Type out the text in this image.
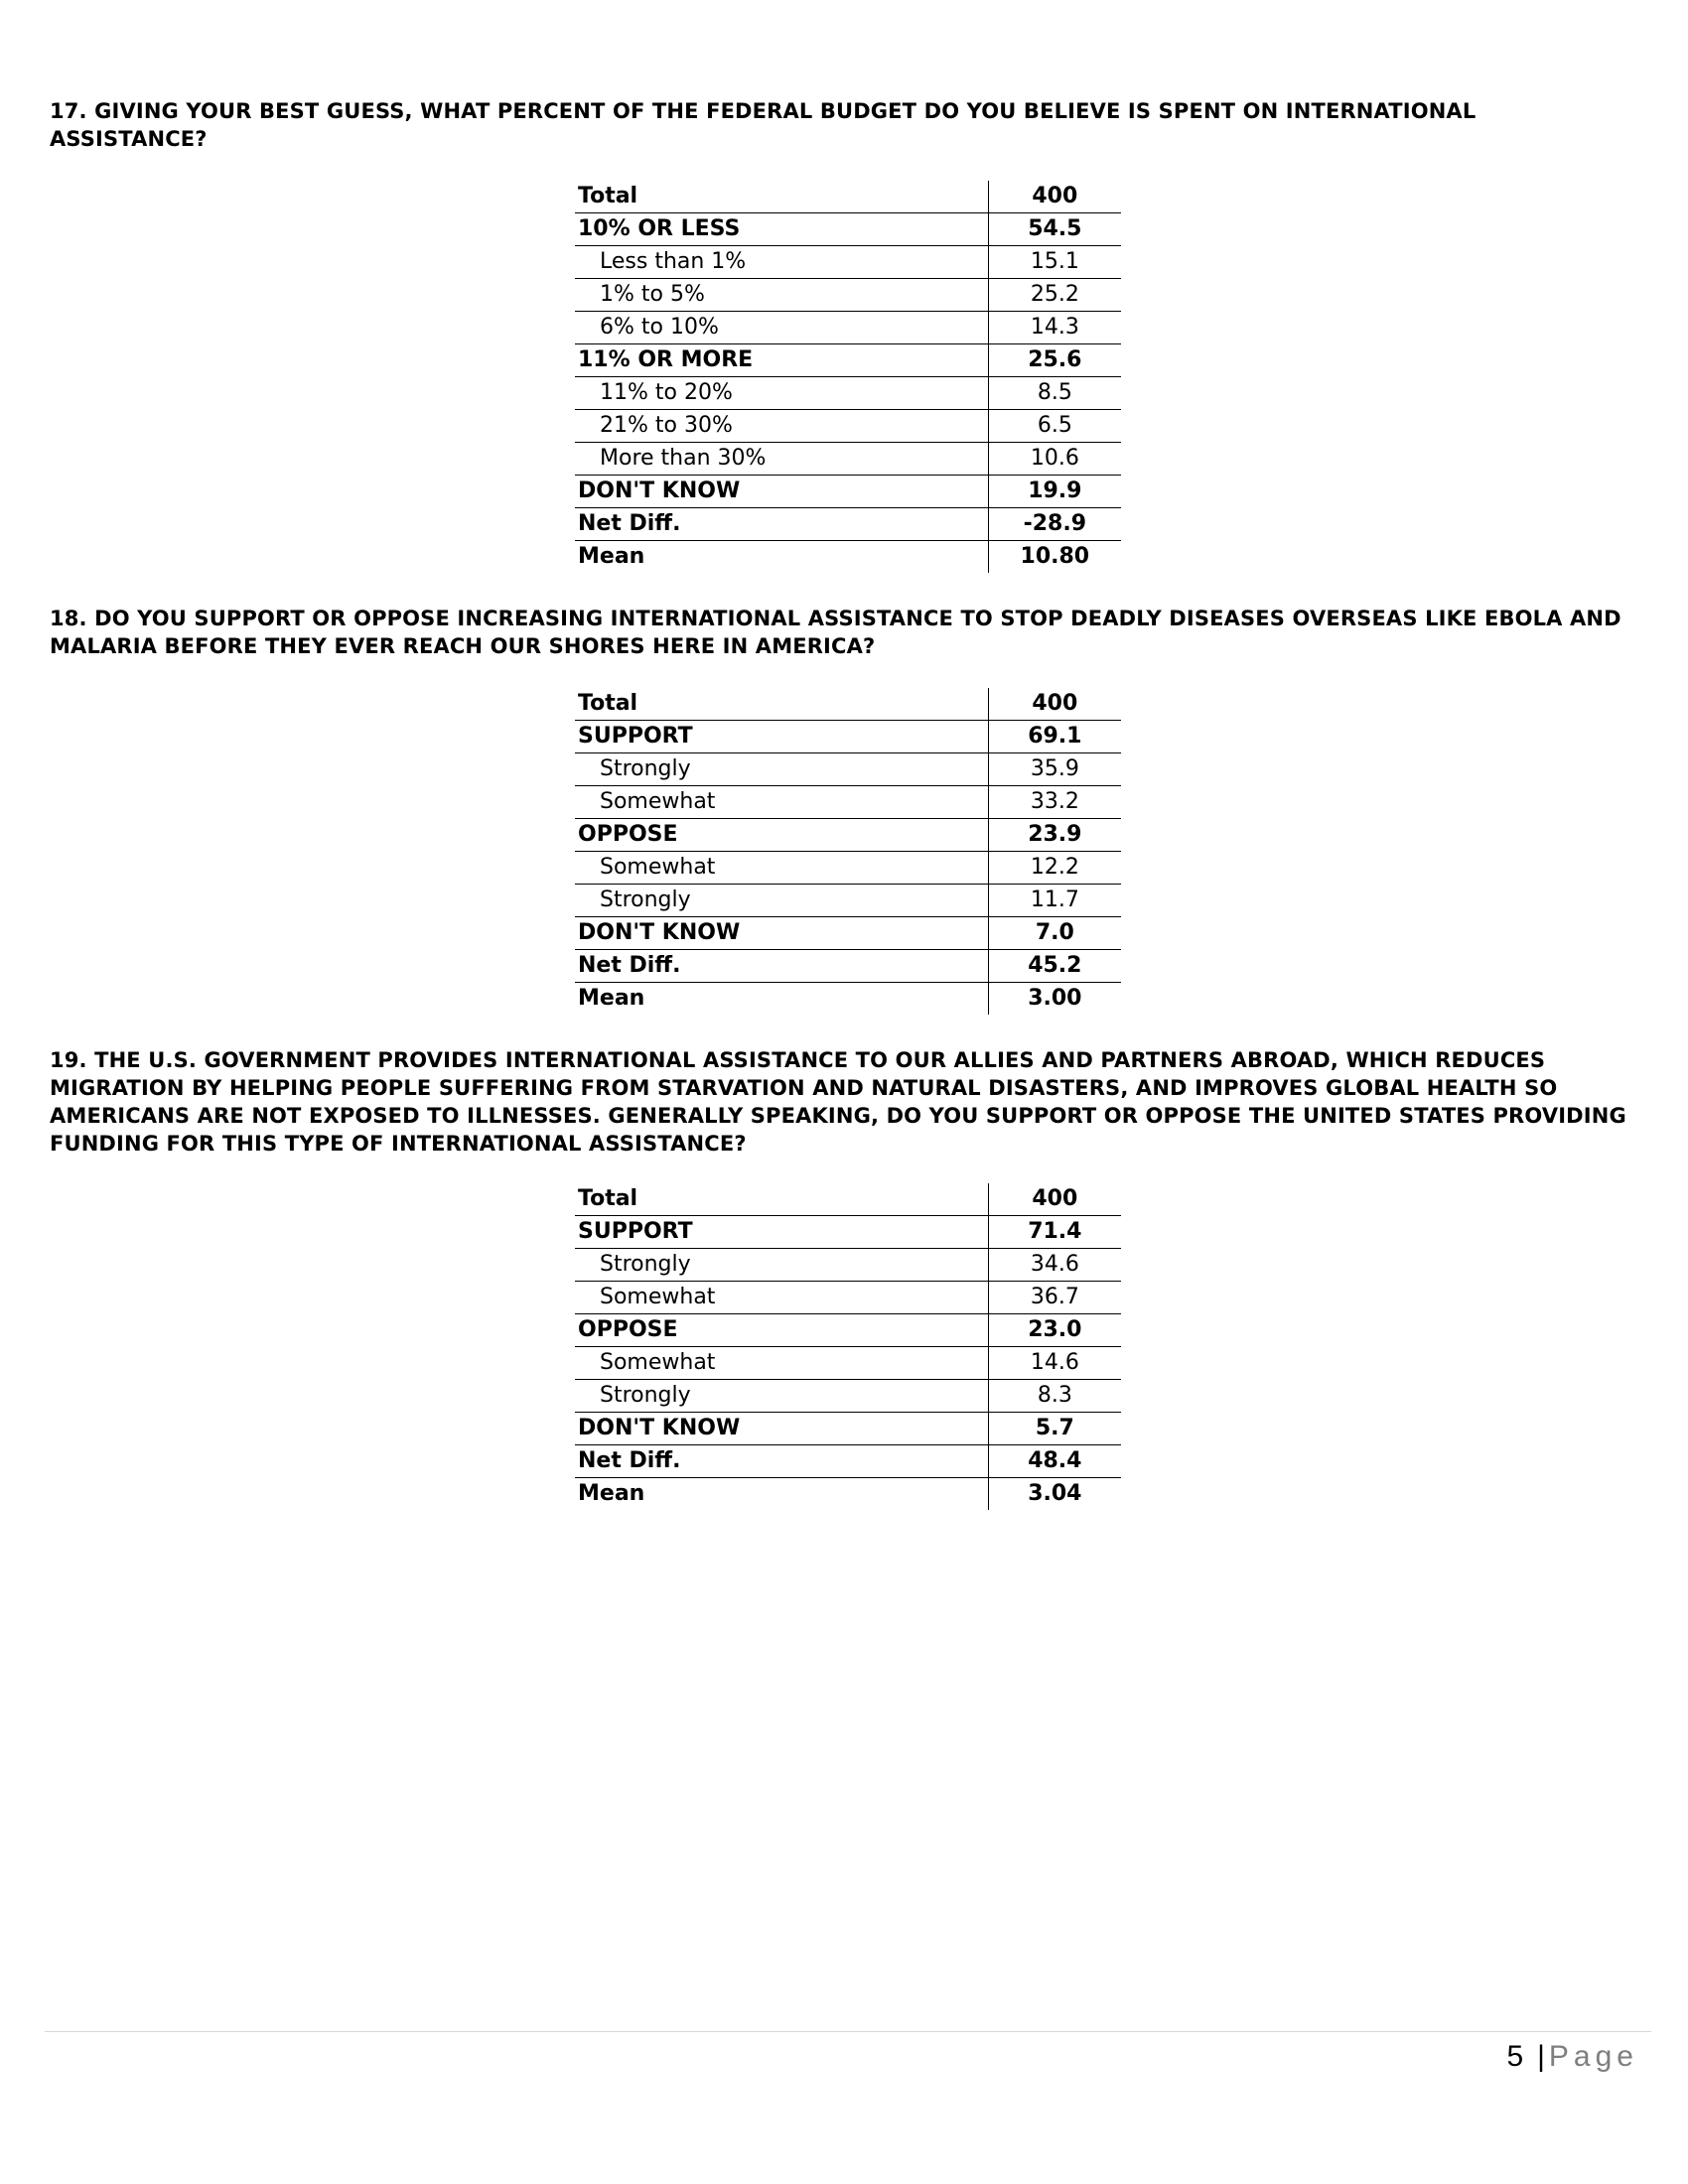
17. GIVING YOUR BEST GUESS, WHAT PERCENT OF THE FEDERAL BUDGET DO YOU BELIEVE IS SPENT ON INTERNATIONAL ASSISTANCE?
Total	400
10% OR LESS	54.5
Less than 1%	15.1
1% to 5%	25.2
6% to 10%	14.3
11% OR MORE	25.6
11% to 20%	8.5
21% to 30%	6.5
More than 30%	10.6
DON'T KNOW	19.9
Net Diff.	-28.9
Mean	10.80
18. DO YOU SUPPORT OR OPPOSE INCREASING INTERNATIONAL ASSISTANCE TO STOP DEADLY DISEASES OVERSEAS LIKE EBOLA AND MALARIA BEFORE THEY EVER REACH OUR SHORES HERE IN AMERICA?
Total	400
SUPPORT	69.1
Strongly	35.9
Somewhat	33.2
OPPOSE	23.9
Somewhat	12.2
Strongly	11.7
DON'T KNOW	7.0
Net Diff.	45.2
Mean	3.00
19. THE U.S. GOVERNMENT PROVIDES INTERNATIONAL ASSISTANCE TO OUR ALLIES AND PARTNERS ABROAD, WHICH REDUCES MIGRATION BY HELPING PEOPLE SUFFERING FROM STARVATION AND NATURAL DISASTERS, AND IMPROVES GLOBAL HEALTH SO AMERICANS ARE NOT EXPOSED TO ILLNESSES. GENERALLY SPEAKING, DO YOU SUPPORT OR OPPOSE THE UNITED STATES PROVIDING FUNDING FOR THIS TYPE OF INTERNATIONAL ASSISTANCE?
Total	400
SUPPORT	71.4
Strongly	34.6
Somewhat	36.7
OPPOSE	23.0
Somewhat	14.6
Strongly	8.3
DON'T KNOW	5.7
Net Diff.	48.4
Mean	3.04
5 | Page
